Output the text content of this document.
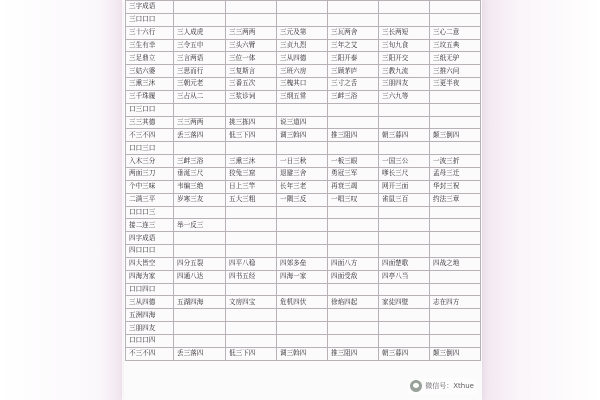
三字成语						
三口口口						
三十六行	三人成虎	三三两两	三元及第	三瓦两舍	三长两短	三心二意
三生有幸	三令五申	三头六臂	三贞九烈	三年之艾	三旬九食	三坟五典
三足鼎立	三言两语	三位一体	三从四德	三阳开泰	三阳开交	三纸无驴
三姑六婆	三思而行	三复斯言	三班六房	三顾茅庐	三教九流	三推六问
三熏三沐	三朝元老	三番五次	三槐其口	三寸之舌	三朋四友	三更半夜
三千珠履	三占从二	三浆诊词	三纲五常	三衅三浴	三六九等	
口三口口						
三三其德	三三两两	挑三拣四	说三道四			
不三不四	丢三落四	低三下四	调三斡四	推三阻四	朝三暮四	颠三倒四
口口三口						
入木三分	三衅三浴	三熏三沐	一日三秋	一板三眼	一国三公	一波三折
两面三刀	垂涎三尺	狡兔三窟	退避三舍	勇冠三军	嗲长三尺	孟母三迁
个中三味	韦编三绝	日上三竿	长年三老	再衰三竭	网开三面	华封三祝
二满三平	岁寒三友	五大三粗	一隅三反	一唱三叹	雀鼠三百	约法三章
口口口三						
接二连三	举一反三					
四字成语						
四口口口						
四大皆空	四分五裂	四平八稳	四郊多垒	四面八方	四面楚歌	四战之地
四海为家	四通八达	四书五经	四海一家	四面受敌	四亭八当	
口口四口						
三从四德	五湖四海	文房四宝	危机四伏	徐焰四起	家徒四壁	志在四方
五洲四海						
三朋四友						
口口口四						
不三不四	丢三落四	低三下四	调三斡四	推三阻四	朝三暮四	颠三倒四
微信号：Xthue
